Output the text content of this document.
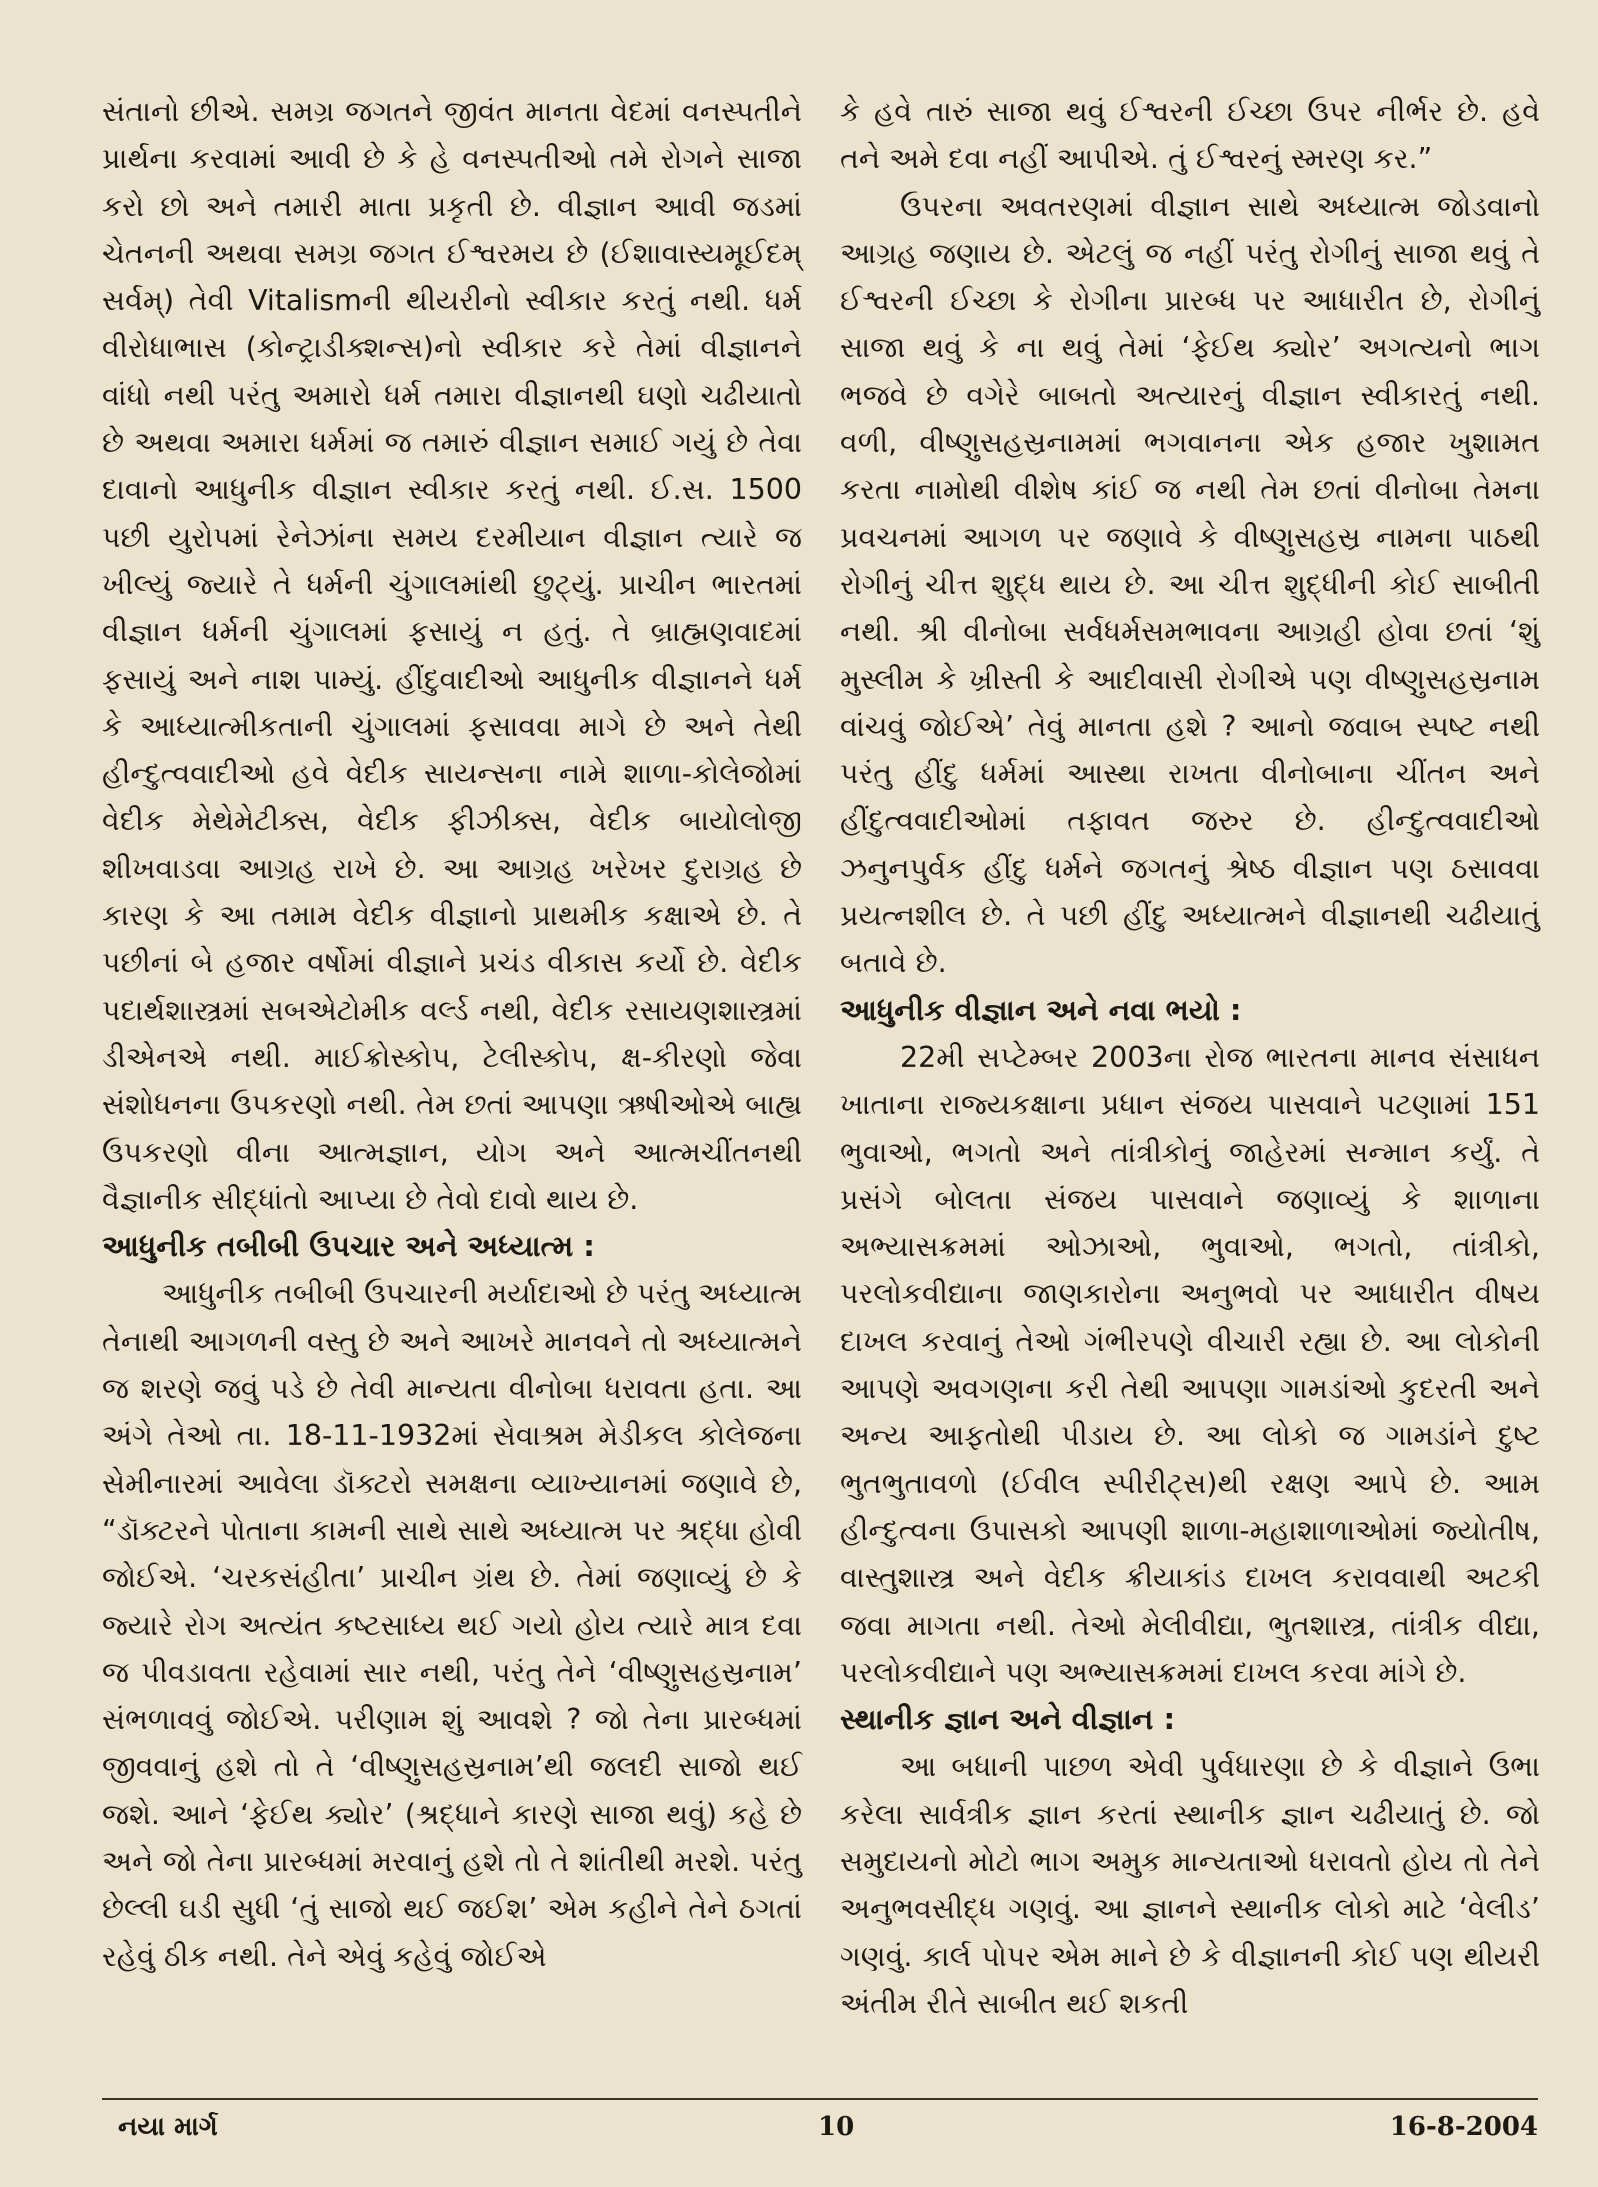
સંતાનો છીએ. સમગ્ર જગતને જીવંત માનતા વેદમાં વનસ્પતીને પ્રાર્થના કરવામાં આવી છે કે હે વનસ્પતીઓ તમે રોગને સાજા કરો છો અને તમારી માતા પ્રકૃતી છે. વીજ્ઞાન આવી જડમાં ચેતનની અથવા સમગ્ર જગત ઈશ્વરમય છે (ઈશાવાસ્યમૂઈદમ્ સર્વમ્) તેવી Vitalismની થીયરીનો સ્વીકાર કરતું નથી. ધર્મ વીરોધાભાસ (કોન્ટ્રાડીક્શન્સ)નો સ્વીકાર કરે તેમાં વીજ્ઞાનને વાંધો નથી પરંતુ અમારો ધર્મ તમારા વીજ્ઞાનથી ઘણો ચઢીયાતો છે અથવા અમારા ધર્મમાં જ તમારું વીજ્ઞાન સમાઈ ગયું છે તેવા દાવાનો આધુનીક વીજ્ઞાન સ્વીકાર કરતું નથી. ઈ.સ. 1500 પછી યુરોપમાં રેનેઝાંના સમય દરમીયાન વીજ્ઞાન ત્યારે જ ખીલ્યું જ્યારે તે ધર્મની ચુંગાલમાંથી છુટ્યું. પ્રાચીન ભારતમાં વીજ્ઞાન ધર્મની ચુંગાલમાં ફસાયું ન હતું. તે બ્રાહ્મણવાદમાં ફસાયું અને નાશ પામ્યું. હીંદુવાદીઓ આધુનીક વીજ્ઞાનને ધર્મ કે આધ્યાત્મીકતાની ચુંગાલમાં ફસાવવા માગે છે અને તેથી હીન્દુત્વવાદીઓ હવે વેદીક સાયન્સના નામે શાળા-કોલેજોમાં વેદીક મેથેમેટીક્સ, વેદીક ફીઝીક્સ, વેદીક બાયોલોજી શીખવાડવા આગ્રહ રાખે છે. આ આગ્રહ ખરેખર દુરાગ્રહ છે કારણ કે આ તમામ વેદીક વીજ્ઞાનો પ્રાથમીક કક્ષાએ છે. તે પછીનાં બે હજાર વર્ષોમાં વીજ્ઞાને પ્રચંડ વીકાસ કર્યો છે. વેદીક પદાર્થશાસ્ત્રમાં સબએટોમીક વર્લ્ડ નથી, વેદીક રસાયણશાસ્ત્રમાં ડીએનએ નથી. માઈક્રોસ્કોપ, ટેલીસ્કોપ, ક્ષ-કીરણો જેવા સંશોધનના ઉપકરણો નથી. તેમ છતાં આપણા ઋષીઓએ બાહ્ય ઉપકરણો વીના આત્મજ્ઞાન, યોગ અને આત્મચીંતનથી વૈજ્ઞાનીક સીદ્ધાંતો આપ્યા છે તેવો દાવો થાય છે.

આધુનીક તબીબી ઉપચાર અને અધ્યાત્મ :

આધુનીક તબીબી ઉપચારની મર્યાદાઓ છે પરંતુ અધ્યાત્મ તેનાથી આગળની વસ્તુ છે અને આખરે માનવને તો અધ્યાત્મને જ શરણે જવું પડે છે તેવી માન્યતા વીનોબા ધરાવતા હતા. આ અંગે તેઓ તા. 18-11-1932માં સેવાશ્રમ મેડીકલ કોલેજના સેમીનારમાં આવેલા ડૉક્ટરો સમક્ષના વ્યાખ્યાનમાં જણાવે છે, “ડૉક્ટરને પોતાના કામની સાથે સાથે અધ્યાત્મ પર શ્રદ્ધા હોવી જોઈએ. ‘ચરકસંહીતા’ પ્રાચીન ગ્રંથ છે. તેમાં જણાવ્યું છે કે જ્યારે રોગ અત્યંત કષ્ટસાધ્ય થઈ ગયો હોય ત્યારે માત્ર દવા જ પીવડાવતા રહેવામાં સાર નથી, પરંતુ તેને ‘વીષ્ણુસહસ્રનામ’ સંભળાવવું જોઈએ. પરીણામ શું આવશે ? જો તેના પ્રારબ્ધમાં જીવવાનું હશે તો તે ‘વીષ્ણુસહસ્રનામ’થી જલદી સાજો થઈ જશે. આને ‘ફેઈથ ક્યોર’ (શ્રદ્ધાને કારણે સાજા થવું) કહે છે અને જો તેના પ્રારબ્ધમાં મરવાનું હશે તો તે શાંતીથી મરશે. પરંતુ છેલ્લી ઘડી સુધી ‘તું સાજો થઈ જઈશ’ એમ કહીને તેને ઠગતાં રહેવું ઠીક નથી. તેને એવું કહેવું જોઈએ

કે હવે તારું સાજા થવું ઈશ્વરની ઈચ્છા ઉપર નીર્ભર છે. હવે તને અમે દવા નહીં આપીએ. તું ઈશ્વરનું સ્મરણ કર.”

ઉપરના અવતરણમાં વીજ્ઞાન સાથે અધ્યાત્મ જોડવાનો આગ્રહ જણાય છે. એટલું જ નહીં પરંતુ રોગીનું સાજા થવું તે ઈશ્વરની ઈચ્છા કે રોગીના પ્રારબ્ધ પર આધારીત છે, રોગીનું સાજા થવું કે ના થવું તેમાં ‘ફેઈથ ક્યોર’ અગત્યનો ભાગ ભજવે છે વગેરે બાબતો અત્યારનું વીજ્ઞાન સ્વીકારતું નથી. વળી, વીષ્ણુસહસ્રનામમાં ભગવાનના એક હજાર ખુશામત કરતા નામોથી વીશેષ કાંઈ જ નથી તેમ છતાં વીનોબા તેમના પ્રવચનમાં આગળ પર જણાવે કે વીષ્ણુસહસ્ર નામના પાઠથી રોગીનું ચીત્ત શુદ્ધ થાય છે. આ ચીત્ત શુદ્ધીની કોઈ સાબીતી નથી. શ્રી વીનોબા સર્વધર્મસમભાવના આગ્રહી હોવા છતાં ‘શું મુસ્લીમ કે ખ્રીસ્તી કે આદીવાસી રોગીએ પણ વીષ્ણુસહસ્રનામ વાંચવું જોઈએ’ તેવું માનતા હશે ? આનો જવાબ સ્પષ્ટ નથી પરંતુ હીંદુ ધર્મમાં આસ્થા રાખતા વીનોબાના ચીંતન અને હીંદુત્વવાદીઓમાં તફાવત જરુર છે. હીન્દુત્વવાદીઓ ઝનુનપુર્વક હીંદુ ધર્મને જગતનું શ્રેષ્ઠ વીજ્ઞાન પણ ઠસાવવા પ્રયત્નશીલ છે. તે પછી હીંદુ અધ્યાત્મને વીજ્ઞાનથી ચઢીયાતું બતાવે છે.

આધુનીક વીજ્ઞાન અને નવા ભયો :

22મી સપ્ટેમ્બર 2003ના રોજ ભારતના માનવ સંસાધન ખાતાના રાજ્યકક્ષાના પ્રધાન સંજય પાસવાને પટણામાં 151 ભુવાઓ, ભગતો અને તાંત્રીકોનું જાહેરમાં સન્માન કર્યું. તે પ્રસંગે બોલતા સંજય પાસવાને જણાવ્યું કે શાળાના અભ્યાસક્રમમાં ઓઝાઓ, ભુવાઓ, ભગતો, તાંત્રીકો, પરલોકવીદ્યાના જાણકારોના અનુભવો પર આધારીત વીષય દાખલ કરવાનું તેઓ ગંભીરપણે વીચારી રહ્યા છે. આ લોકોની આપણે અવગણના કરી તેથી આપણા ગામડાંઓ કુદરતી અને અન્ય આફતોથી પીડાય છે. આ લોકો જ ગામડાંને દુષ્ટ ભુતભુતાવળો (ઈવીલ સ્પીરીટ્સ)થી રક્ષણ આપે છે. આમ હીન્દુત્વના ઉપાસકો આપણી શાળા-મહાશાળાઓમાં જ્યોતીષ, વાસ્તુશાસ્ત્ર અને વેદીક ક્રીયાકાંડ દાખલ કરાવવાથી અટકી જવા માગતા નથી. તેઓ મેલીવીદ્યા, ભુતશાસ્ત્ર, તાંત્રીક વીદ્યા, પરલોકવીદ્યાને પણ અભ્યાસક્રમમાં દાખલ કરવા માંગે છે.

સ્થાનીક જ્ઞાન અને વીજ્ઞાન :

આ બધાની પાછળ એવી પુર્વધારણા છે કે વીજ્ઞાને ઉભા કરેલા સાર્વત્રીક જ્ઞાન કરતાં સ્થાનીક જ્ઞાન ચઢીયાતું છે. જો સમુદાયનો મોટો ભાગ અમુક માન્યતાઓ ધરાવતો હોય તો તેને અનુભવસીદ્ધ ગણવું. આ જ્ઞાનને સ્થાનીક લોકો માટે ‘વેલીડ’ ગણવું. કાર્લ પોપર એમ માને છે કે વીજ્ઞાનની કોઈ પણ થીયરી અંતીમ રીતે સાબીત થઈ શકતી

નયા માર્ગ	10	16-8-2004
